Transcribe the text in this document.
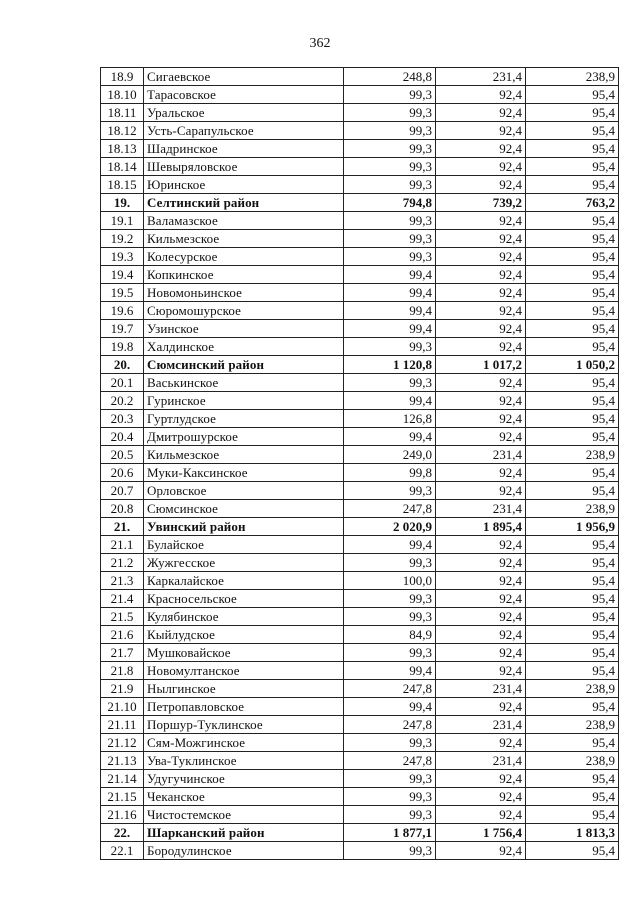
362
18.9	Сигаевское	248,8	231,4	238,9
18.10	Тарасовское	99,3	92,4	95,4
18.11	Уральское	99,3	92,4	95,4
18.12	Усть-Сарапульское	99,3	92,4	95,4
18.13	Шадринское	99,3	92,4	95,4
18.14	Шевыряловское	99,3	92,4	95,4
18.15	Юринское	99,3	92,4	95,4
19.	Селтинский район	794,8	739,2	763,2
19.1	Валамазское	99,3	92,4	95,4
19.2	Кильмезское	99,3	92,4	95,4
19.3	Колесурское	99,3	92,4	95,4
19.4	Копкинское	99,4	92,4	95,4
19.5	Новомоньинское	99,4	92,4	95,4
19.6	Сюромошурское	99,4	92,4	95,4
19.7	Узинское	99,4	92,4	95,4
19.8	Халдинское	99,3	92,4	95,4
20.	Сюмсинский район	1 120,8	1 017,2	1 050,2
20.1	Васькинское	99,3	92,4	95,4
20.2	Гуринское	99,4	92,4	95,4
20.3	Гуртлудское	126,8	92,4	95,4
20.4	Дмитрошурское	99,4	92,4	95,4
20.5	Кильмезское	249,0	231,4	238,9
20.6	Муки-Каксинское	99,8	92,4	95,4
20.7	Орловское	99,3	92,4	95,4
20.8	Сюмсинское	247,8	231,4	238,9
21.	Увинский район	2 020,9	1 895,4	1 956,9
21.1	Булайское	99,4	92,4	95,4
21.2	Жужгесское	99,3	92,4	95,4
21.3	Каркалайское	100,0	92,4	95,4
21.4	Красносельское	99,3	92,4	95,4
21.5	Кулябинское	99,3	92,4	95,4
21.6	Кыйлудское	84,9	92,4	95,4
21.7	Мушковайское	99,3	92,4	95,4
21.8	Новомултанское	99,4	92,4	95,4
21.9	Нылгинское	247,8	231,4	238,9
21.10	Петропавловское	99,4	92,4	95,4
21.11	Поршур-Туклинское	247,8	231,4	238,9
21.12	Сям-Можгинское	99,3	92,4	95,4
21.13	Ува-Туклинское	247,8	231,4	238,9
21.14	Удугучинское	99,3	92,4	95,4
21.15	Чеканское	99,3	92,4	95,4
21.16	Чистостемское	99,3	92,4	95,4
22.	Шарканский район	1 877,1	1 756,4	1 813,3
22.1	Бородулинское	99,3	92,4	95,4
